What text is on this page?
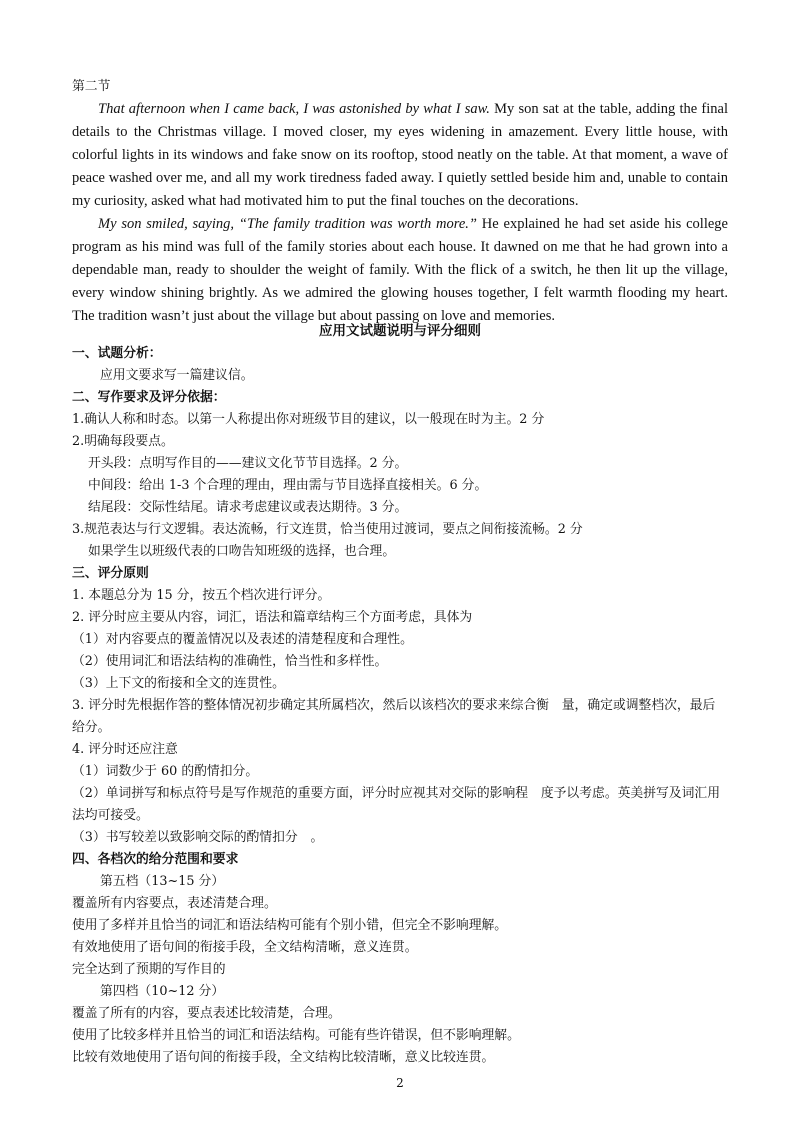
第二节

That afternoon when I came back, I was astonished by what I saw. My son sat at the table, adding the final details to the Christmas village. I moved closer, my eyes widening in amazement. Every little house, with colorful lights in its windows and fake snow on its rooftop, stood neatly on the table. At that moment, a wave of peace washed over me, and all my work tiredness faded away. I quietly settled beside him and, unable to contain my curiosity, asked what had motivated him to put the final touches on the decorations.

My son smiled, saying, “The family tradition was worth more.” He explained he had set aside his college program as his mind was full of the family stories about each house. It dawned on me that he had grown into a dependable man, ready to shoulder the weight of family. With the flick of a switch, he then lit up the village, every window shining brightly. As we admired the glowing houses together, I felt warmth flooding my heart. The tradition wasn’t just about the village but about passing on love and memories.

应用文试题说明与评分细则
一、试题分析：
应用文要求写一篇建议信。
二、写作要求及评分依据：
1.确认人称和时态。以第一人称提出你对班级节目的建议，以一般现在时为主。2 分
2.明确每段要点。
开头段：点明写作目的——建议文化节节目选择。2 分。
中间段：给出 1-3 个合理的理由，理由需与节目选择直接相关。6 分。
结尾段：交际性结尾。请求考虑建议或表达期待。3 分。
3.规范表达与行文逻辑。表达流畅，行文连贯，恰当使用过渡词，要点之间衔接流畅。2 分
如果学生以班级代表的口吻告知班级的选择，也合理。
三、评分原则
1. 本题总分为 15 分，按五个档次进行评分。
2. 评分时应主要从内容，词汇，语法和篇章结构三个方面考虑，具体为
（1）对内容要点的覆盖情况以及表述的清楚程度和合理性。
（2）使用词汇和语法结构的准确性，恰当性和多样性。
（3）上下文的衔接和全文的连贯性。
3. 评分时先根据作答的整体情况初步确定其所属档次，然后以该档次的要求来综合衡　量，确定或调整档次，最后给分。
4. 评分时还应注意
（1）词数少于 60 的酌情扣分。
（2）单词拼写和标点符号是写作规范的重要方面，评分时应视其对交际的影响程　度予以考虑。英美拼写及词汇用法均可接受。
（3）书写较差以致影响交际的酌情扣分　。
四、各档次的给分范围和要求
第五档（13~15 分）
覆盖所有内容要点，表述清楚合理。
使用了多样并且恰当的词汇和语法结构可能有个别小错，但完全不影响理解。
有效地使用了语句间的衔接手段，全文结构清晰，意义连贯。
完全达到了预期的写作目的
第四档（10~12 分）
覆盖了所有的内容，要点表述比较清楚，合理。
使用了比较多样并且恰当的词汇和语法结构。可能有些许错误，但不影响理解。
比较有效地使用了语句间的衔接手段，全文结构比较清晰，意义比较连贯。
2
